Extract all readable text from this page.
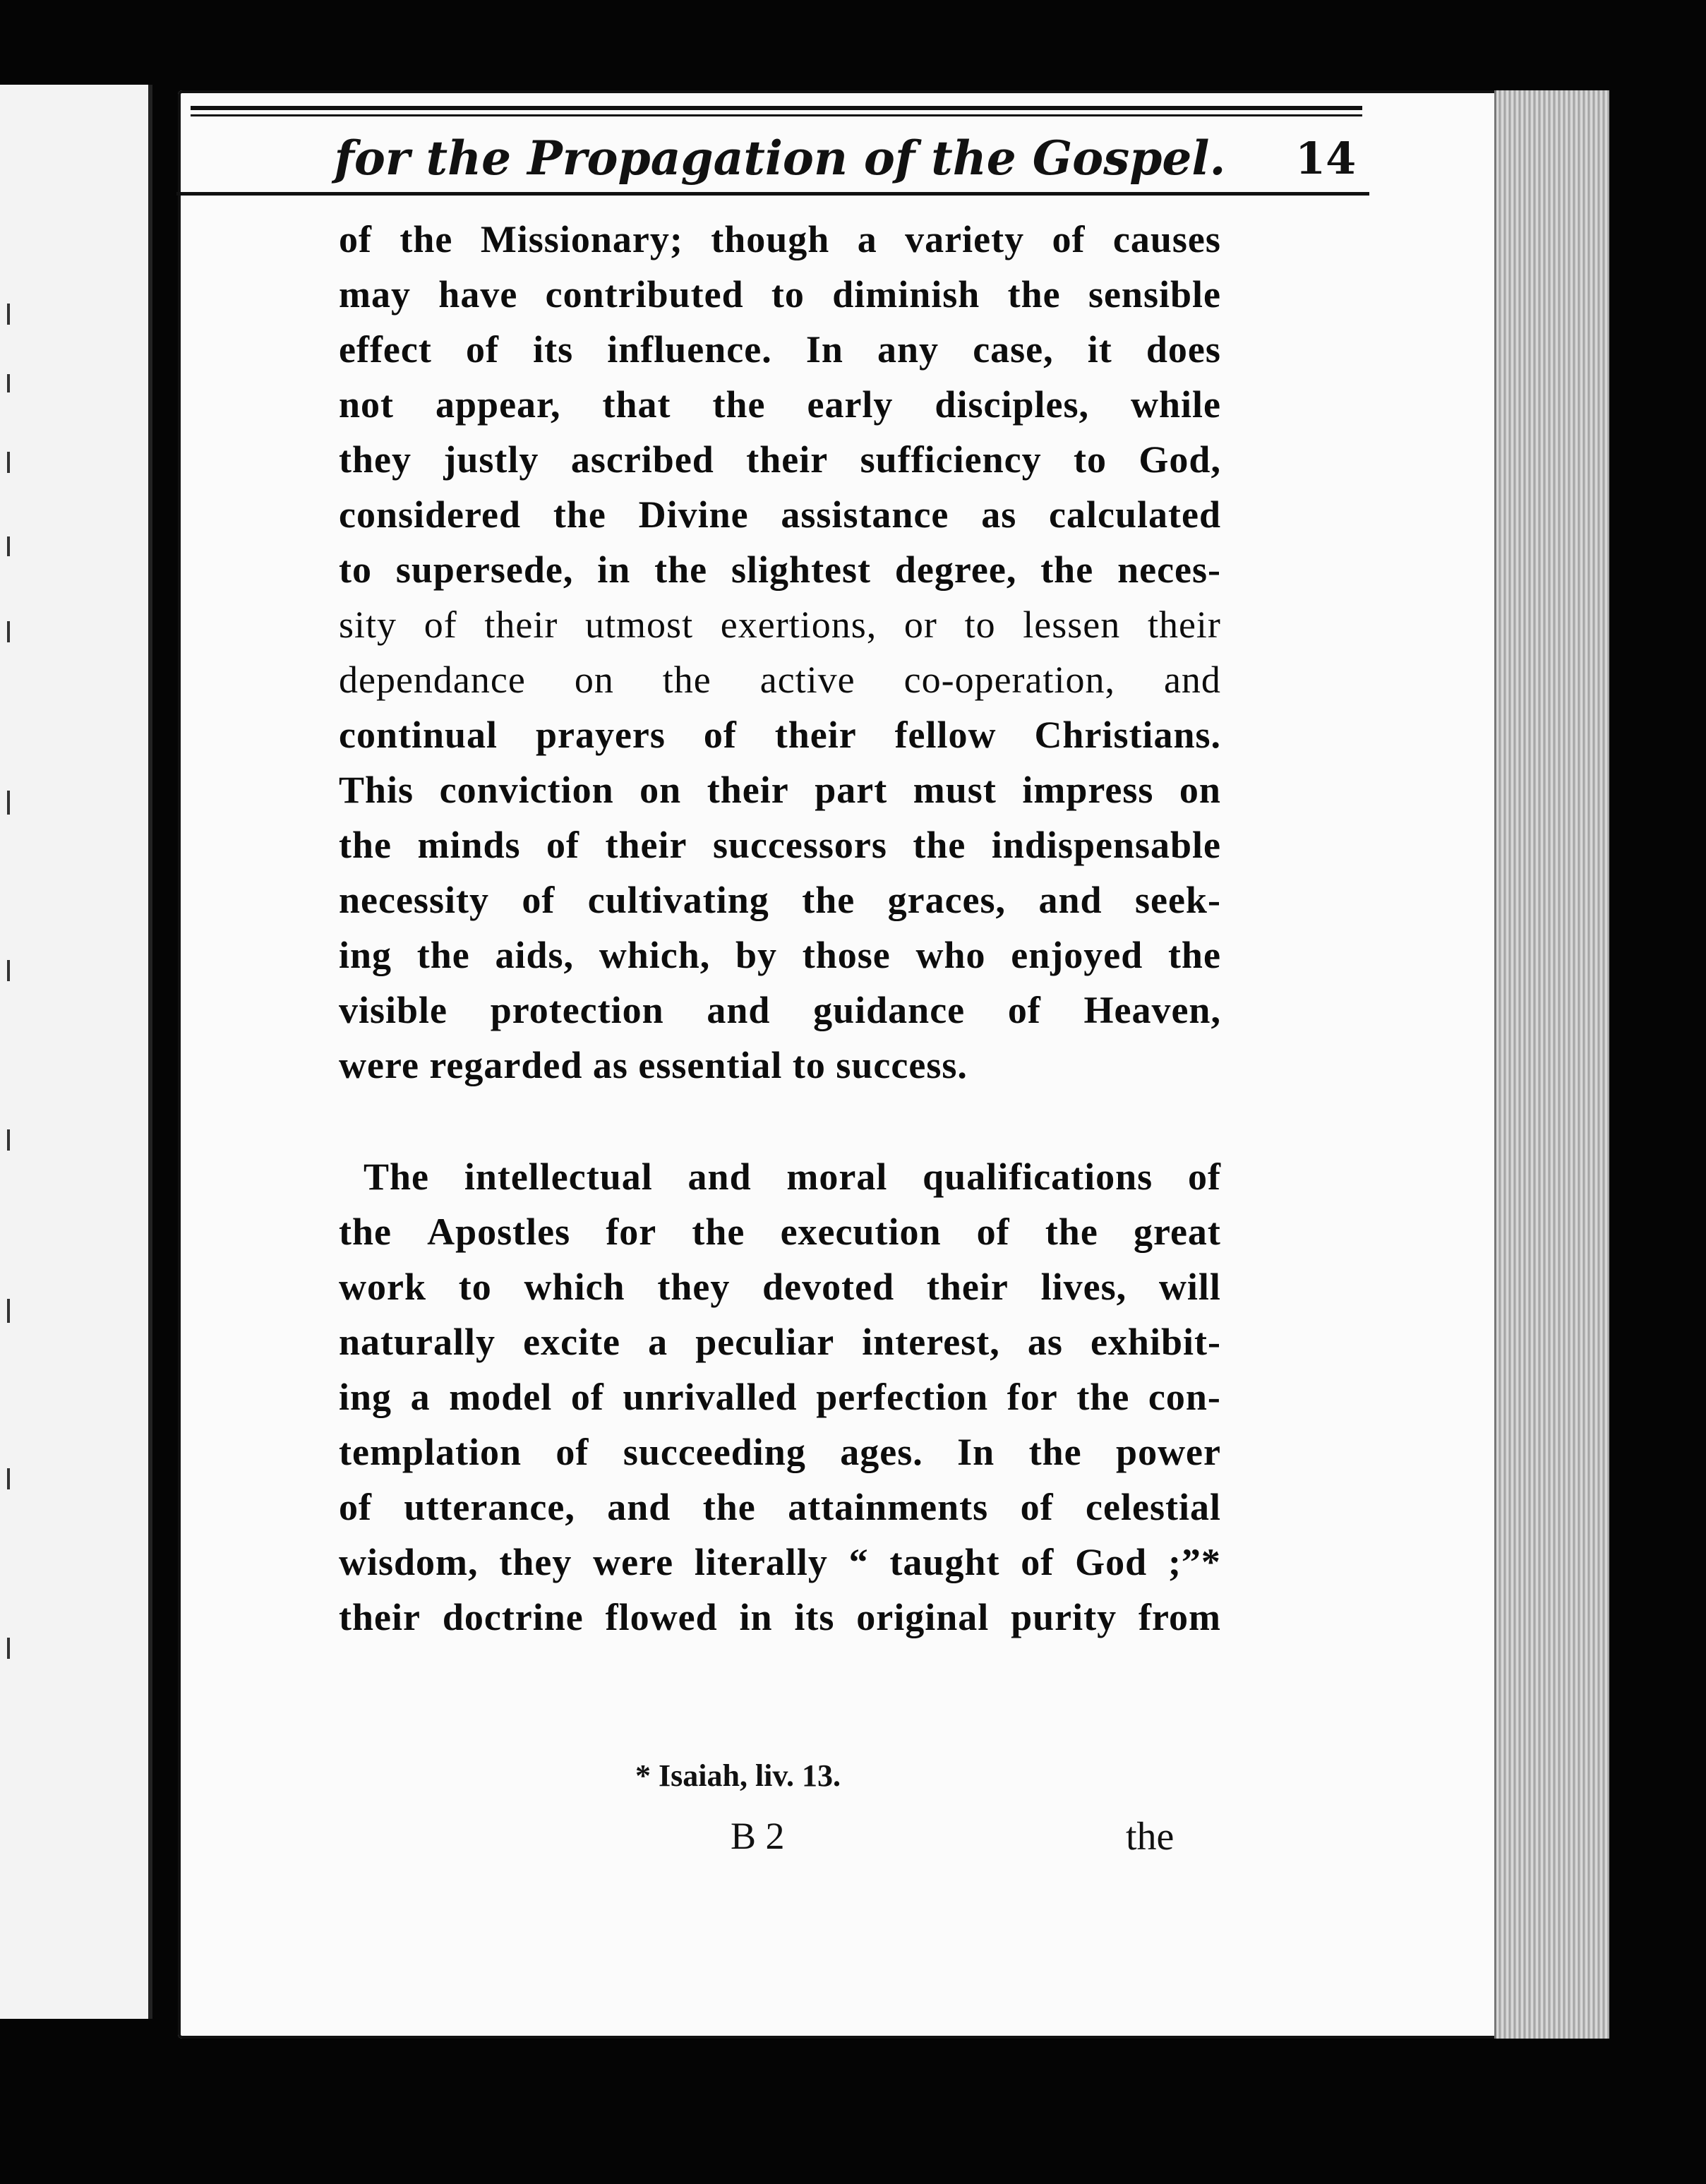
for the Propagation of the Gospel.	14
of the Missionary; though a variety of causes
may have contributed to diminish the sensible
effect of its influence. In any case, it does
not appear, that the early disciples, while
they justly ascribed their sufficiency to God,
considered the Divine assistance as calculated
to supersede, in the slightest degree, the neces-
sity of their utmost exertions, or to lessen their
dependance on the active co-operation, and
continual prayers of their fellow Christians.
This conviction on their part must impress on
the minds of their successors the indispensable
necessity of cultivating the graces, and seek-
ing the aids, which, by those who enjoyed the
visible protection and guidance of Heaven,
were regarded as essential to success.
The intellectual and moral qualifications of
the Apostles for the execution of the great
work to which they devoted their lives, will
naturally excite a peculiar interest, as exhibit-
ing a model of unrivalled perfection for the con-
templation of succeeding ages. In the power
of utterance, and the attainments of celestial
wisdom, they were literally “ taught of God ;”*
their doctrine flowed in its original purity from
* Isaiah, liv. 13.
B 2	the
